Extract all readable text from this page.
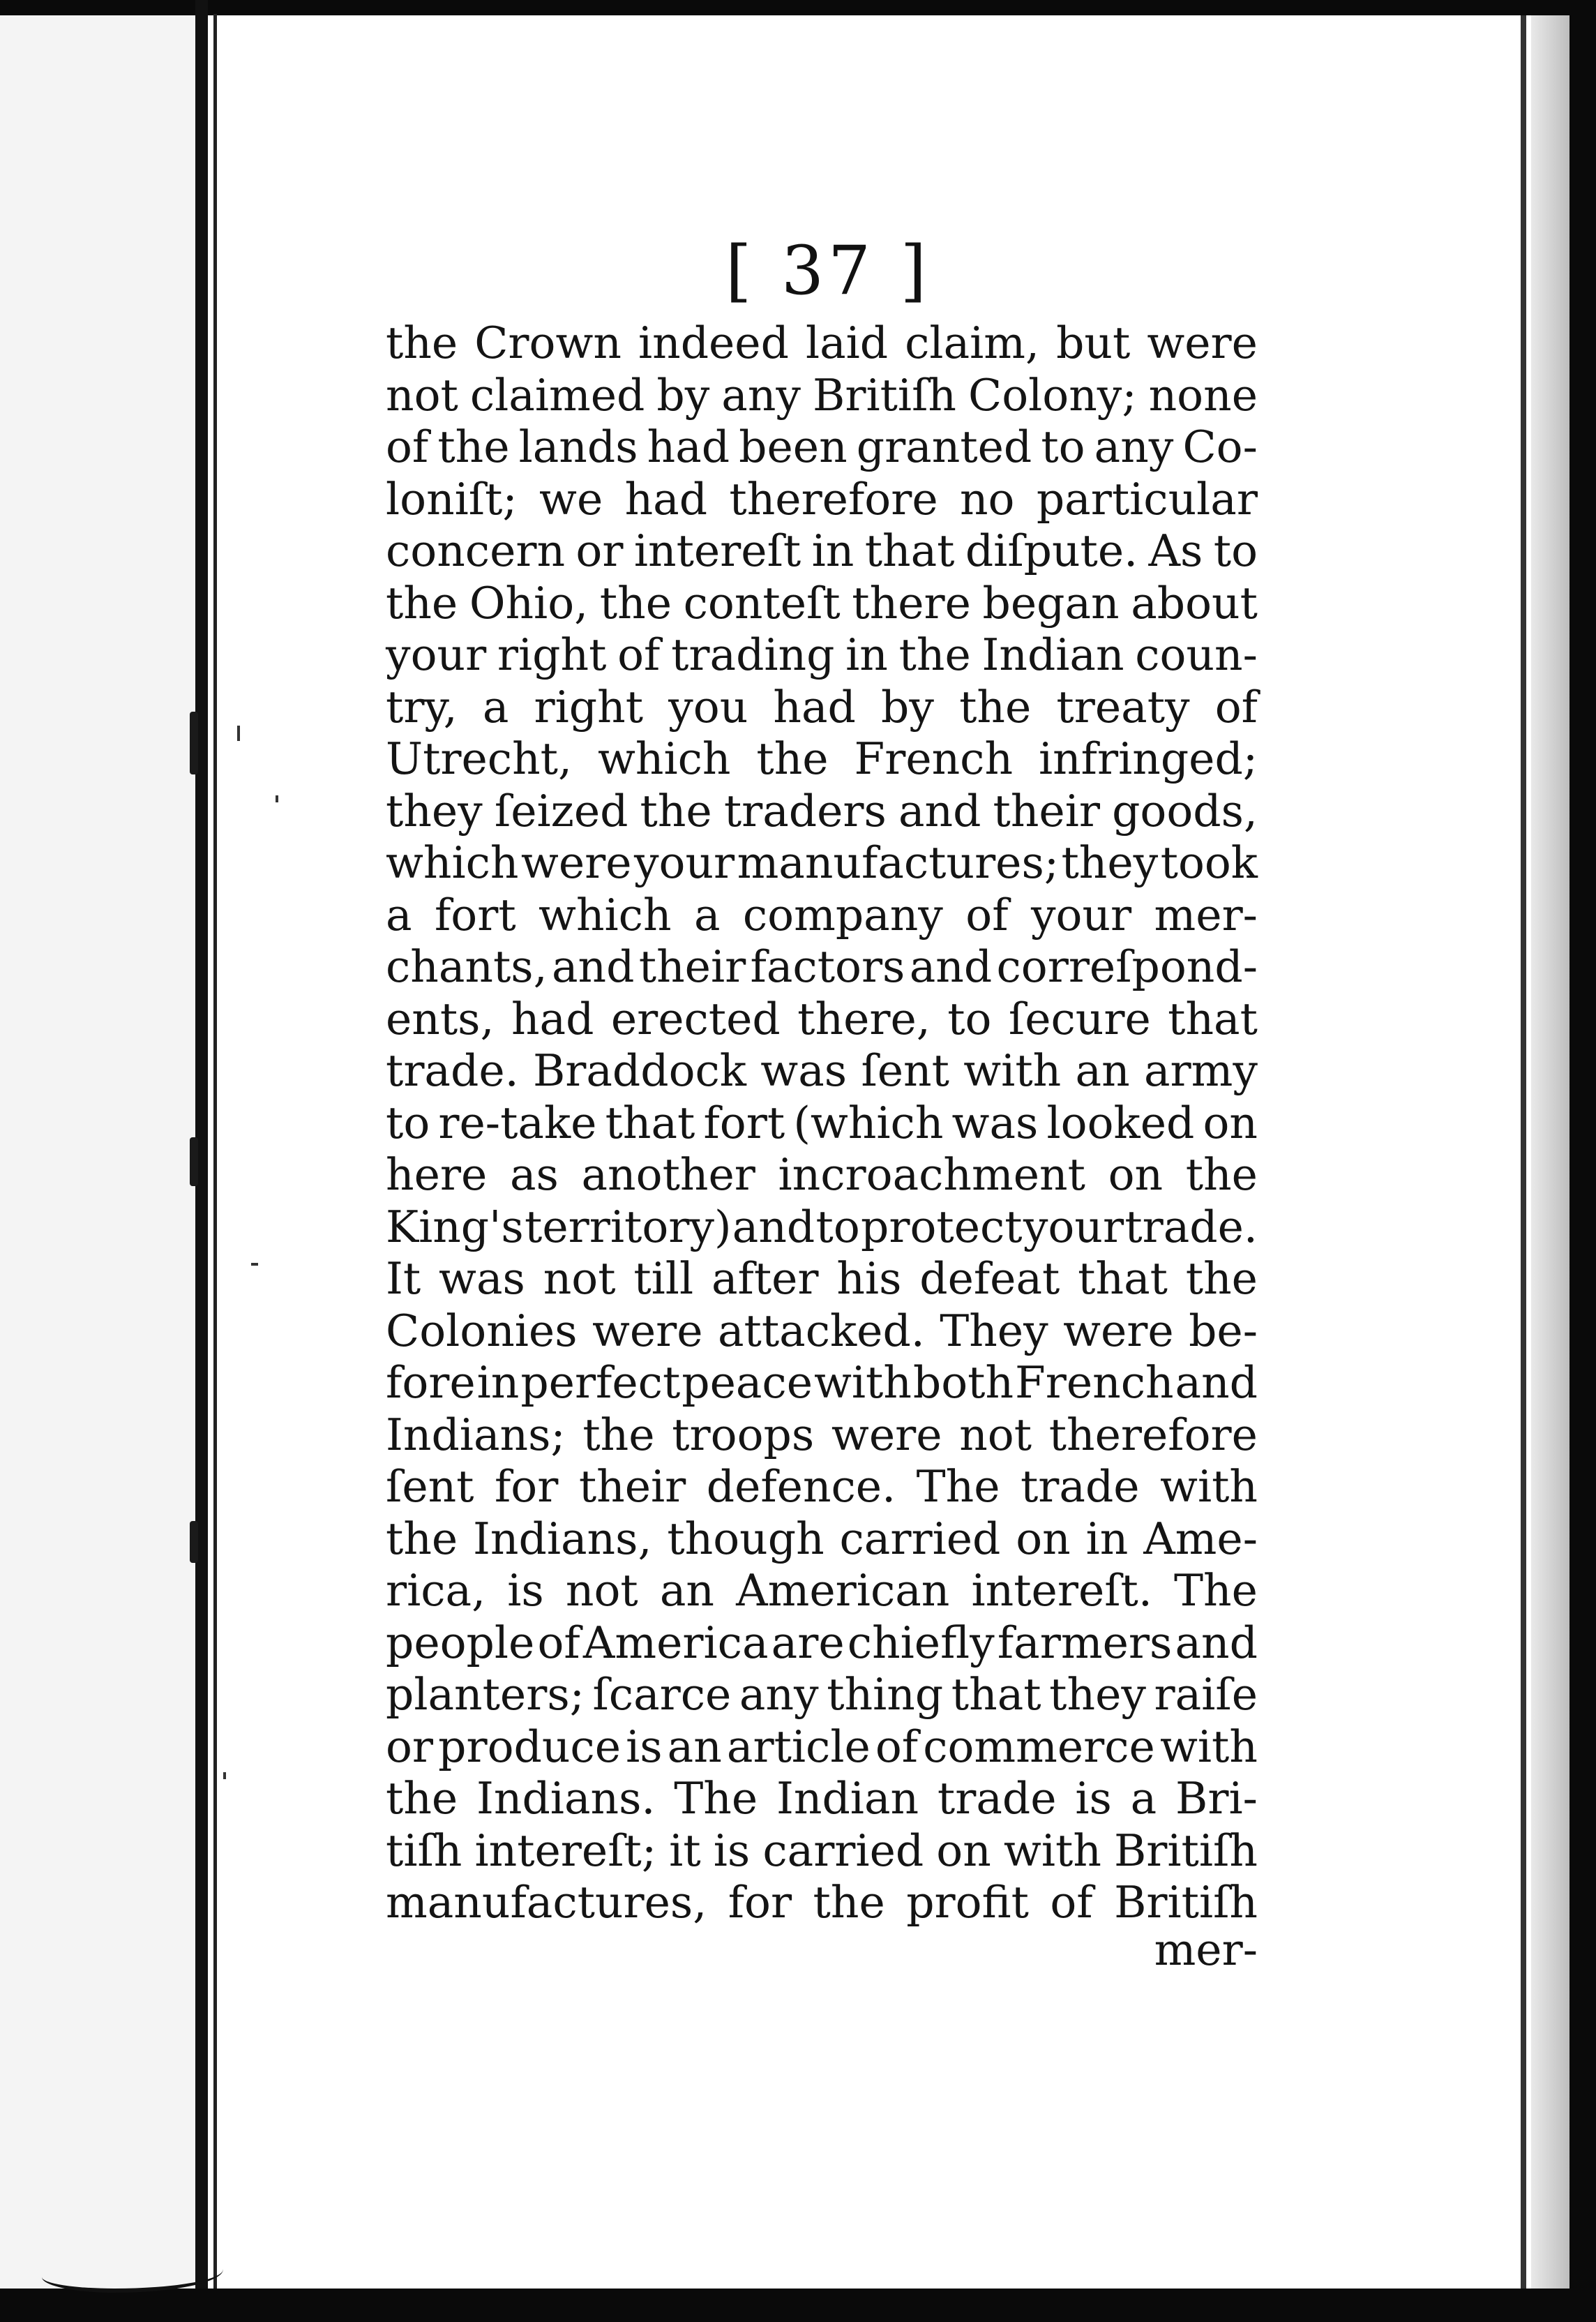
[ 37 ]
the Crown indeed laid claim, but were
not claimed by any Britiſh Colony; none
of the lands had been granted to any Co-
loniſt; we had therefore no particular
concern or intereſt in that diſpute. As to
the Ohio, the conteſt there began about
your right of trading in the Indian coun-
try, a right you had by the treaty of
Utrecht, which the French infringed;
they ſeized the traders and their goods,
which were your manufactures; they took
a fort which a company of your mer-
chants, and their factors and correſpond-
ents, had erected there, to ſecure that
trade. Braddock was ſent with an army
to re-take that fort (which was looked on
here as another incroachment on the
King's territory) and to protect your trade.
It was not till after his defeat that the
Colonies were attacked. They were be-
fore in perfect peace with both French and
Indians; the troops were not therefore
ſent for their defence. The trade with
the Indians, though carried on in Ame-
rica, is not an American intereſt. The
people of America are chiefly farmers and
planters; ſcarce any thing that they raiſe
or produce is an article of commerce with
the Indians. The Indian trade is a Bri-
tiſh intereſt; it is carried on with Britiſh
manufactures, for the profit of Britiſh
mer-
